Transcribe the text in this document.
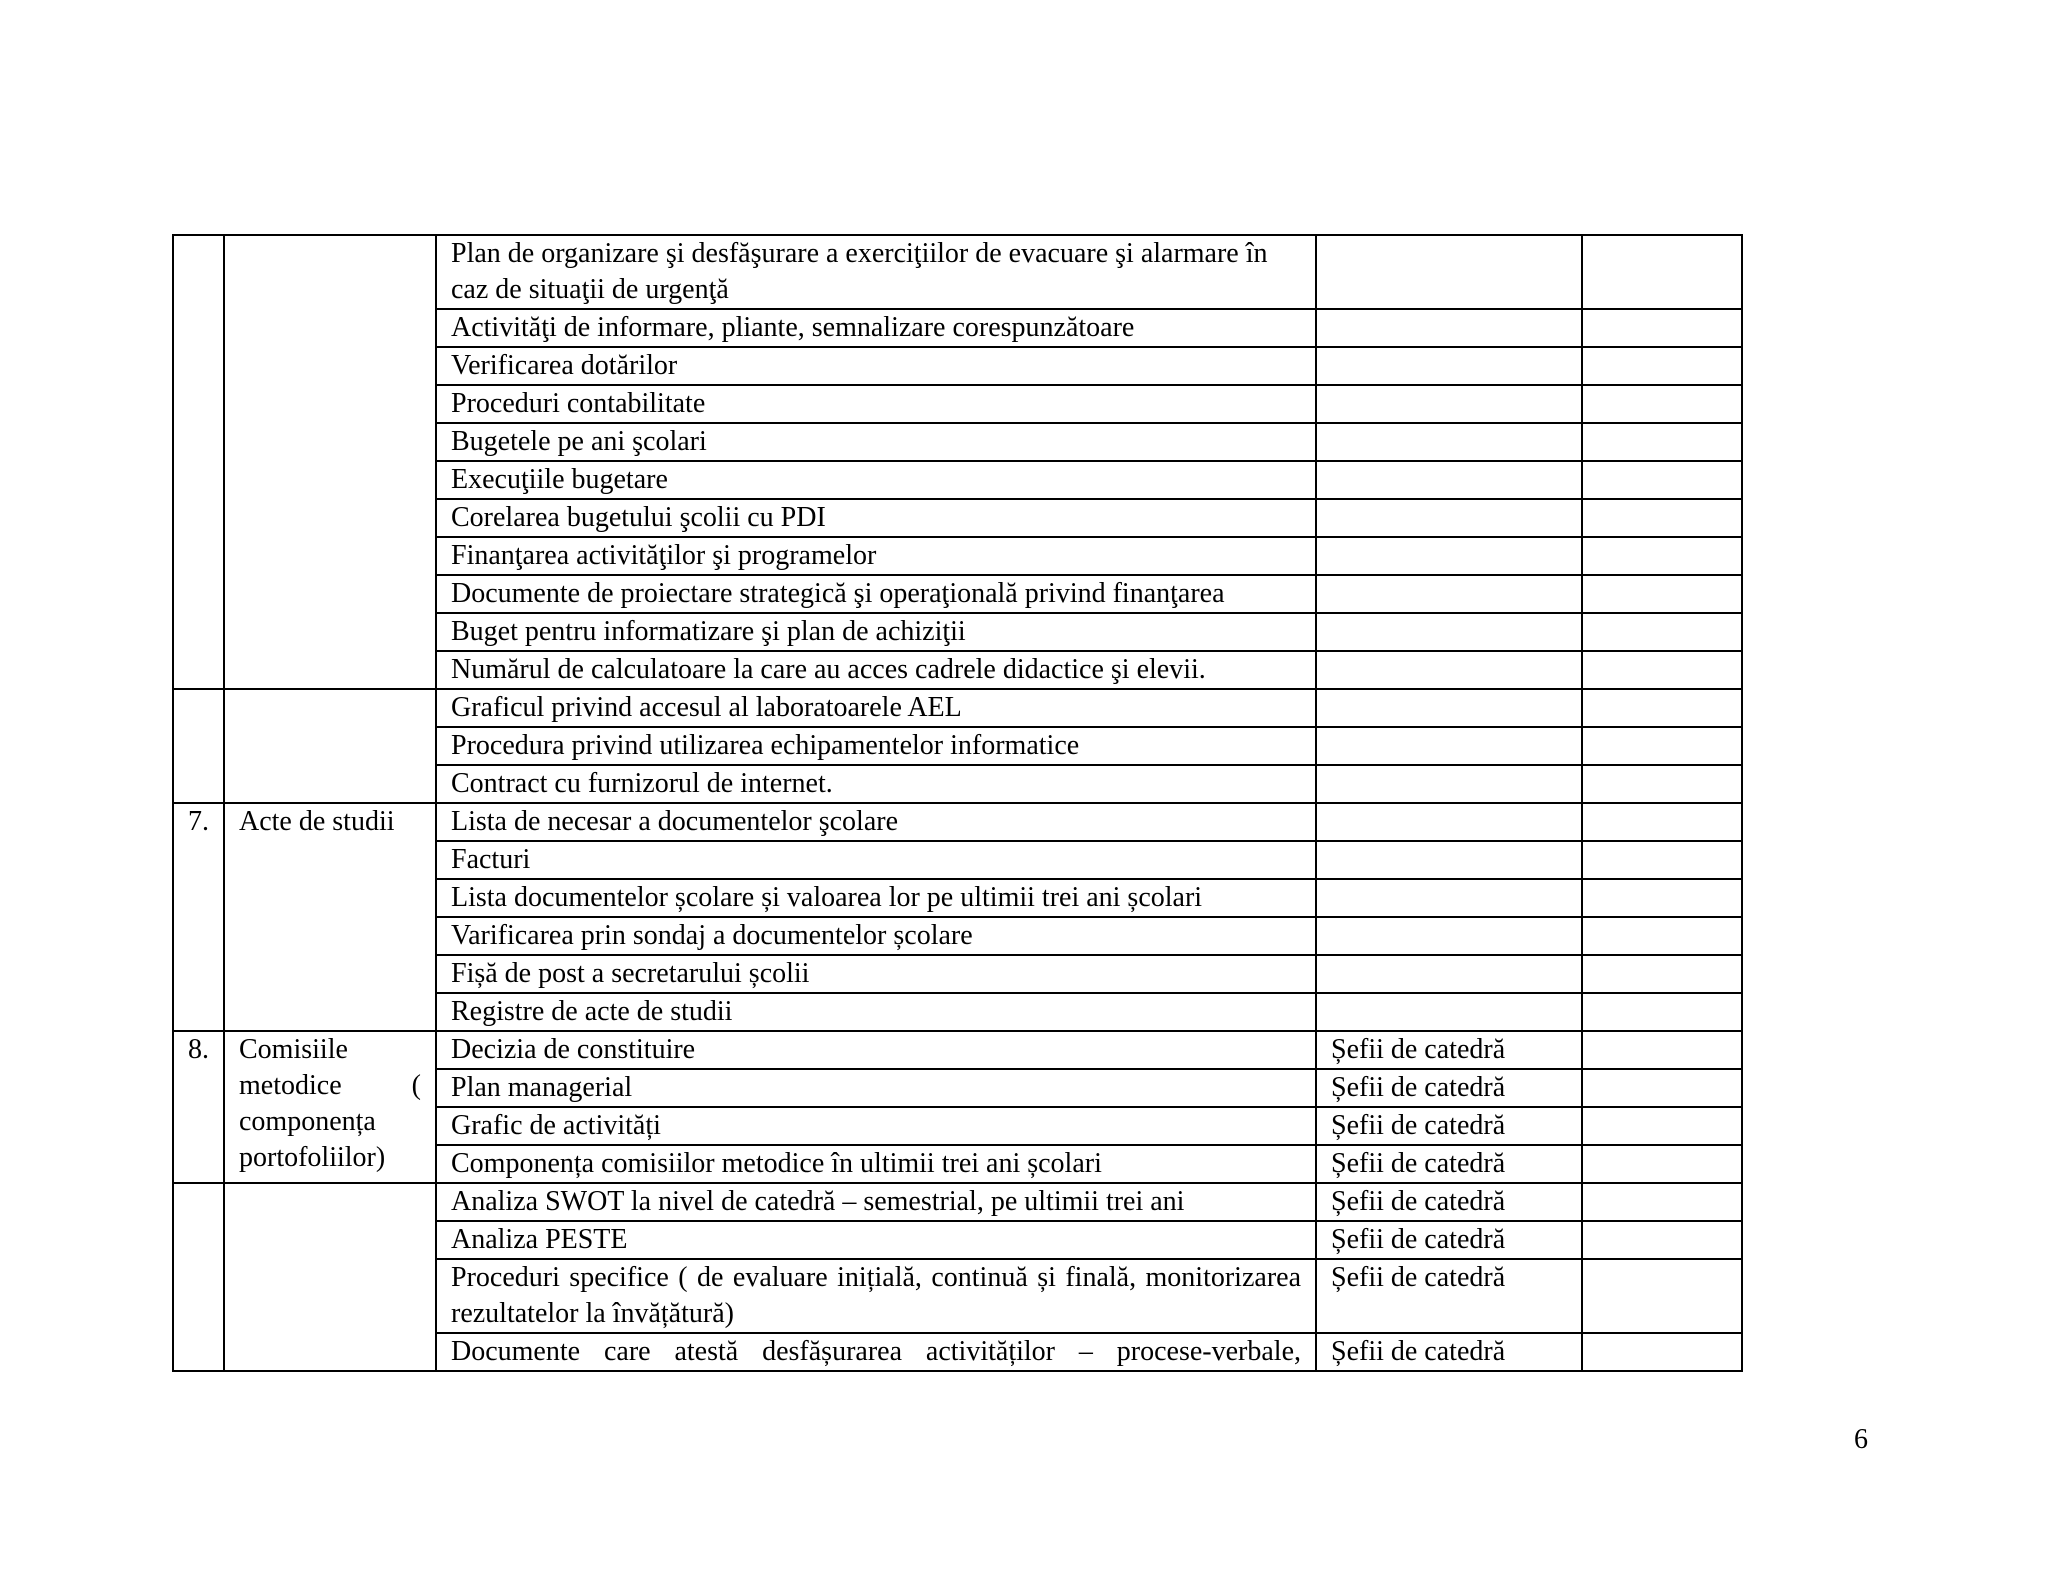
		Plan de organizare şi desfăşurare a exerciţiilor de evacuare şi alarmare în caz de situaţii de urgenţă		
		Activităţi de informare, pliante, semnalizare corespunzătoare		
		Verificarea dotărilor		
		Proceduri contabilitate		
		Bugetele pe ani şcolari		
		Execuţiile bugetare		
		Corelarea bugetului şcolii cu PDI		
		Finanţarea activităţilor şi programelor		
		Documente de proiectare strategică şi operaţională privind finanţarea		
		Buget pentru informatizare şi plan de achiziţii		
		Numărul de calculatoare la care au acces cadrele didactice şi elevii.		
		Graficul privind accesul al laboratoarele AEL		
		Procedura privind utilizarea echipamentelor informatice		
		Contract cu furnizorul de internet.		
7.	Acte de studii	Lista de necesar a documentelor şcolare		
		Facturi		
		Lista documentelor școlare și valoarea lor pe ultimii trei ani școlari		
		Varificarea prin sondaj a documentelor școlare		
		Fișă de post a secretarului școlii		
		Registre de acte de studii		
8.	Comisiile metodice ( componența portofoliilor)	Decizia de constituire	Șefii de catedră	
		Plan managerial	Șefii de catedră	
		Grafic de activități	Șefii de catedră	
		Componența comisiilor metodice în ultimii trei ani școlari	Șefii de catedră	
		Analiza SWOT la nivel de catedră – semestrial, pe ultimii trei ani	Șefii de catedră	
		Analiza PESTE	Șefii de catedră	
		Proceduri specifice ( de evaluare inițială, continuă și finală, monitorizarea rezultatelor la învățătură)	Șefii de catedră	
		Documente care atestă desfășurarea activităților – procese-verbale,	Șefii de catedră	
6
